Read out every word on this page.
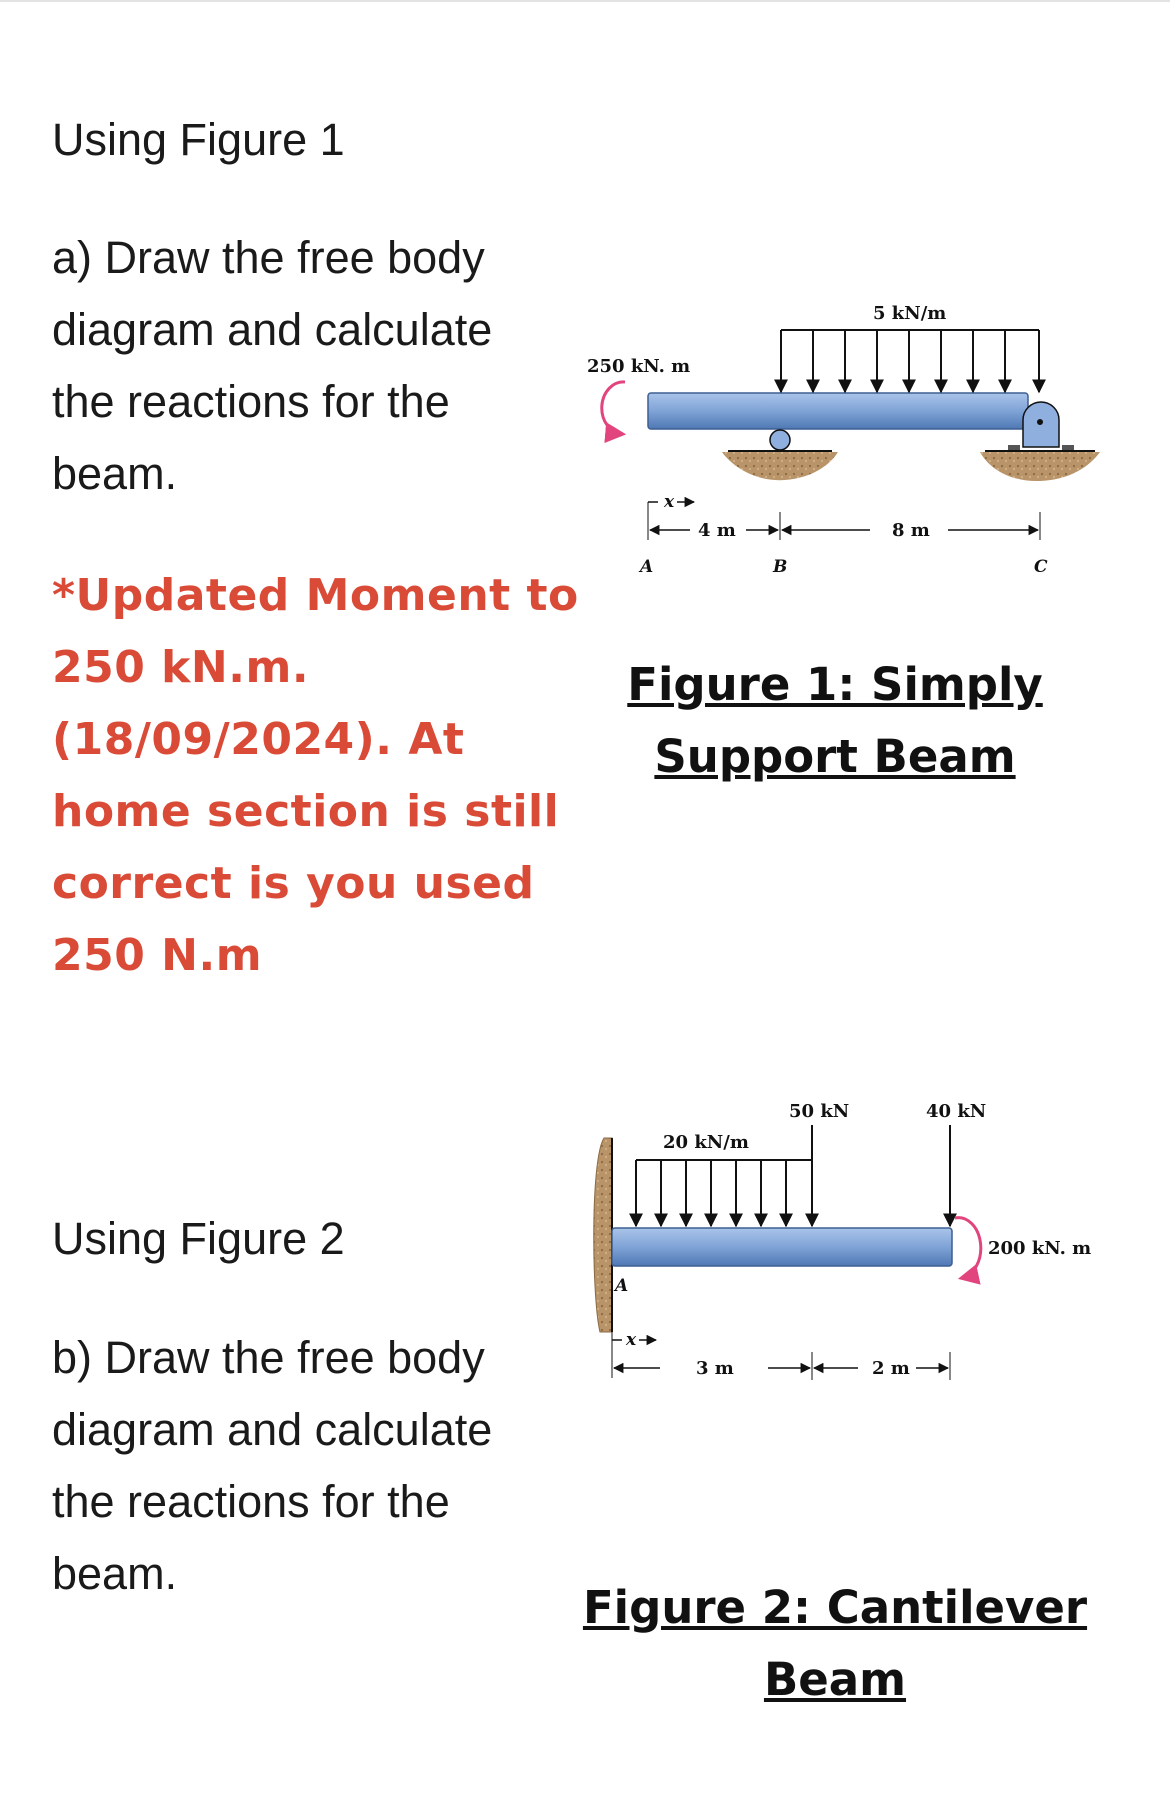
Using Figure 1
a) Draw the free body
diagram and calculate
the reactions for the
beam.
*Updated Moment to
250 kN.m.
(18/09/2024). At
home section is still
correct is you used
250 N.m
Using Figure 2
b) Draw the free body
diagram and calculate
the reactions for the
beam.
Figure 1: Simply
Support Beam
Figure 2: Cantilever
Beam
250 kN. m
5 kN/m
x
4 m	8 m
A	B	C
A
20 kN/m
50 kN	40 kN
200 kN. m
x
3 m	2 m
